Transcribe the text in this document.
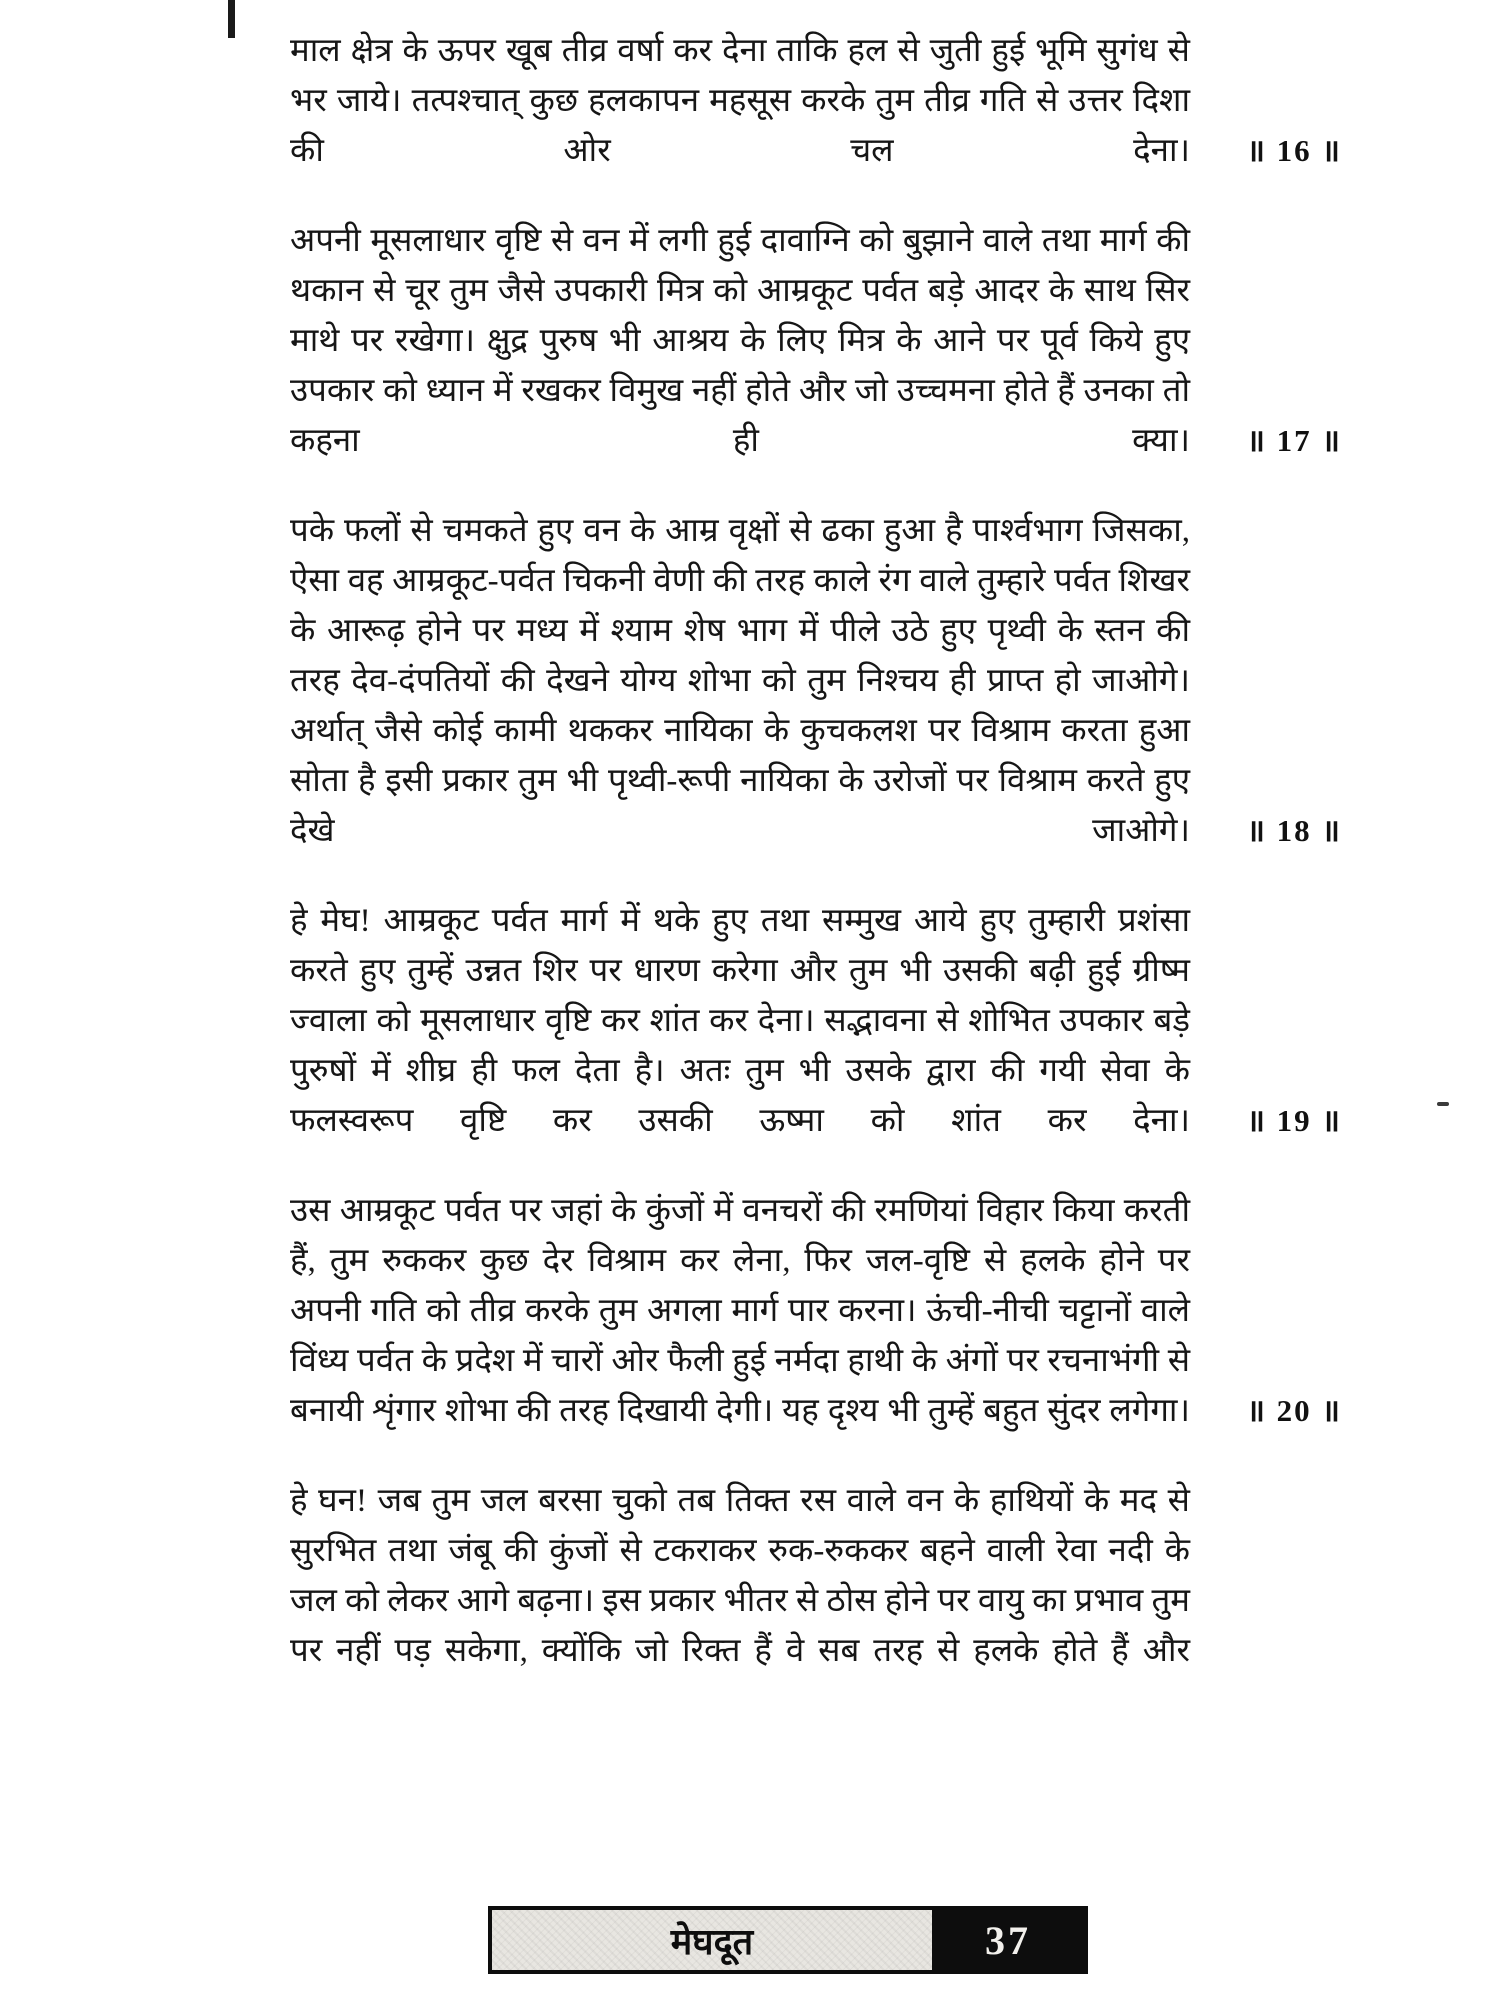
माल क्षेत्र के ऊपर खूब तीव्र वर्षा कर देना ताकि हल से जुती हुई भूमि सुगंध से भर जाये। तत्पश्चात् कुछ हलकापन महसूस करके तुम तीव्र गति से उत्तर दिशा की ओर चल देना। ॥ 16 ॥
अपनी मूसलाधार वृष्टि से वन में लगी हुई दावाग्नि को बुझाने वाले तथा मार्ग की थकान से चूर तुम जैसे उपकारी मित्र को आम्रकूट पर्वत बड़े आदर के साथ सिर माथे पर रखेगा। क्षुद्र पुरुष भी आश्रय के लिए मित्र के आने पर पूर्व किये हुए उपकार को ध्यान में रखकर विमुख नहीं होते और जो उच्चमना होते हैं उनका तो कहना ही क्या। ॥ 17 ॥
पके फलों से चमकते हुए वन के आम्र वृक्षों से ढका हुआ है पार्श्वभाग जिसका, ऐसा वह आम्रकूट-पर्वत चिकनी वेणी की तरह काले रंग वाले तुम्हारे पर्वत शिखर के आरूढ़ होने पर मध्य में श्याम शेष भाग में पीले उठे हुए पृथ्वी के स्तन की तरह देव-दंपतियों की देखने योग्य शोभा को तुम निश्चय ही प्राप्त हो जाओगे। अर्थात् जैसे कोई कामी थककर नायिका के कुचकलश पर विश्राम करता हुआ सोता है इसी प्रकार तुम भी पृथ्वी-रूपी नायिका के उरोजों पर विश्राम करते हुए देखे जाओगे। ॥ 18 ॥
हे मेघ! आम्रकूट पर्वत मार्ग में थके हुए तथा सम्मुख आये हुए तुम्हारी प्रशंसा करते हुए तुम्हें उन्नत शिर पर धारण करेगा और तुम भी उसकी बढ़ी हुई ग्रीष्म ज्वाला को मूसलाधार वृष्टि कर शांत कर देना। सद्भावना से शोभित उपकार बड़े पुरुषों में शीघ्र ही फल देता है। अतः तुम भी उसके द्वारा की गयी सेवा के फलस्वरूप वृष्टि कर उसकी ऊष्मा को शांत कर देना। ॥ 19 ॥
उस आम्रकूट पर्वत पर जहां के कुंजों में वनचरों की रमणियां विहार किया करती हैं, तुम रुककर कुछ देर विश्राम कर लेना, फिर जल-वृष्टि से हलके होने पर अपनी गति को तीव्र करके तुम अगला मार्ग पार करना। ऊंची-नीची चट्टानों वाले विंध्य पर्वत के प्रदेश में चारों ओर फैली हुई नर्मदा हाथी के अंगों पर रचनाभंगी से बनायी शृंगार शोभा की तरह दिखायी देगी। यह दृश्य भी तुम्हें बहुत सुंदर लगेगा। ॥ 20 ॥
हे घन! जब तुम जल बरसा चुको तब तिक्त रस वाले वन के हाथियों के मद से सुरभित तथा जंबू की कुंजों से टकराकर रुक-रुककर बहने वाली रेवा नदी के जल को लेकर आगे बढ़ना। इस प्रकार भीतर से ठोस होने पर वायु का प्रभाव तुम पर नहीं पड़ सकेगा, क्योंकि जो रिक्त हैं वे सब तरह से हलके होते हैं और
मेघदूत	37
